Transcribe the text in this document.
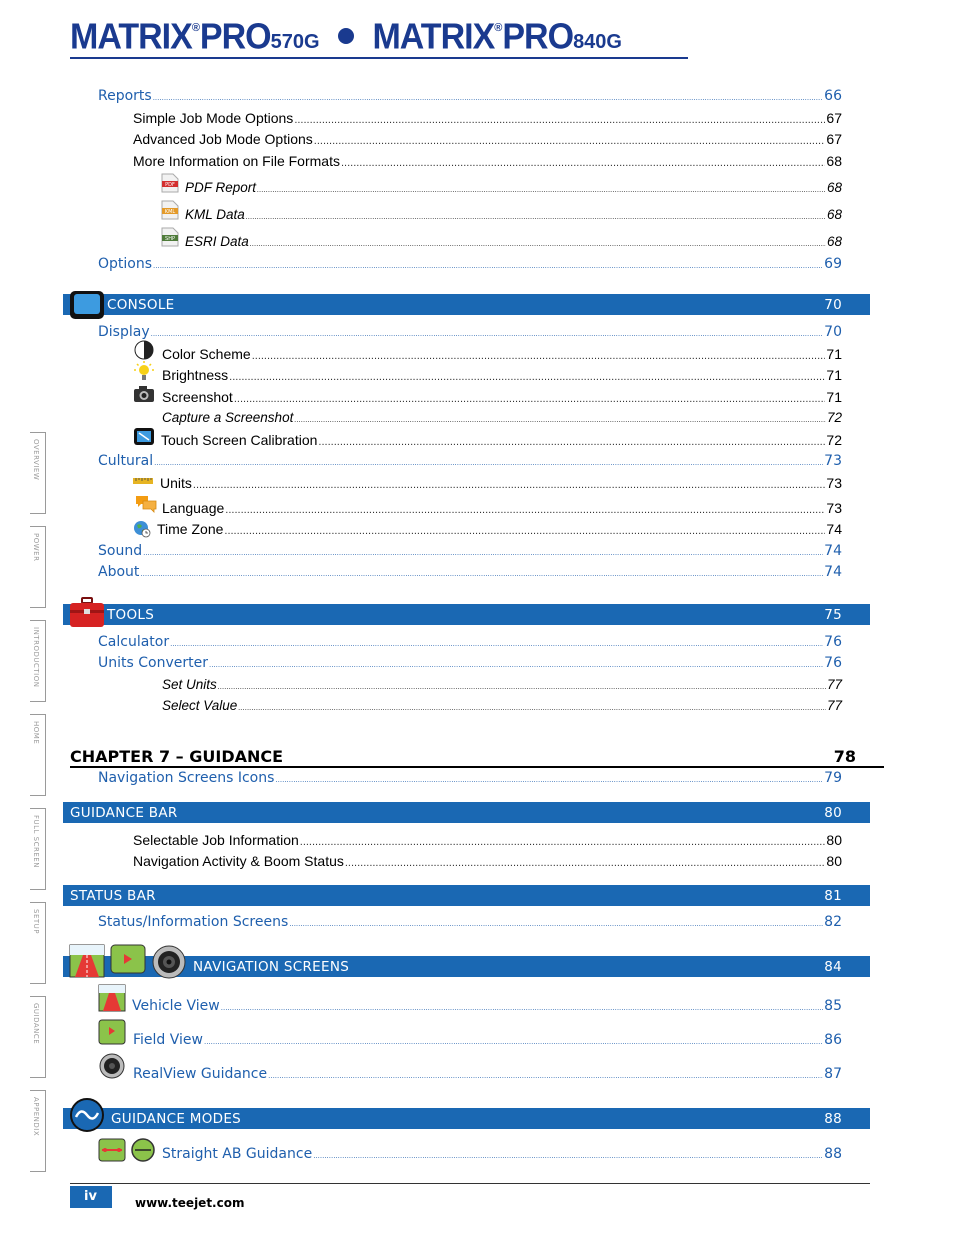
MATRIX®PRO570G MATRIX®PRO840G
Reports .....	66
Simple Job Mode Options .....	67
Advanced Job Mode Options .....	67
More Information on File Formats .....	68
PDF PDF Report .....	68
KML KML Data .....	68
SHP ESRI Data .....	68
Options .....	69
CONSOLE	70
Display .....	70
Color Scheme .....	71
Brightness .....	71
Screenshot .....	71
Capture a Screenshot .....	72
Touch Screen Calibration .....	72
Cultural .....	73
Units .....	73
Language .....	73
Time Zone .....	74
Sound .....	74
About .....	74
TOOLS	75
Calculator .....	76
Units Converter .....	76
Set Units .....	77
Select Value .....	77
CHAPTER 7 – GUIDANCE	78
Navigation Screens Icons .....	79
GUIDANCE BAR	80
Selectable Job Information .....	80
Navigation Activity & Boom Status .....	80
STATUS BAR	81
Status/Information Screens .....	82
NAVIGATION SCREENS	84
Vehicle View .....	85
Field View .....	86
RealView Guidance .....	87
GUIDANCE MODES	88
Straight AB Guidance .....	88
OVERVIEW
POWER
INTRODUCTION
HOME
FULL SCREEN
SETUP
GUIDANCE
APPENDIX
iv	www.teejet.com
